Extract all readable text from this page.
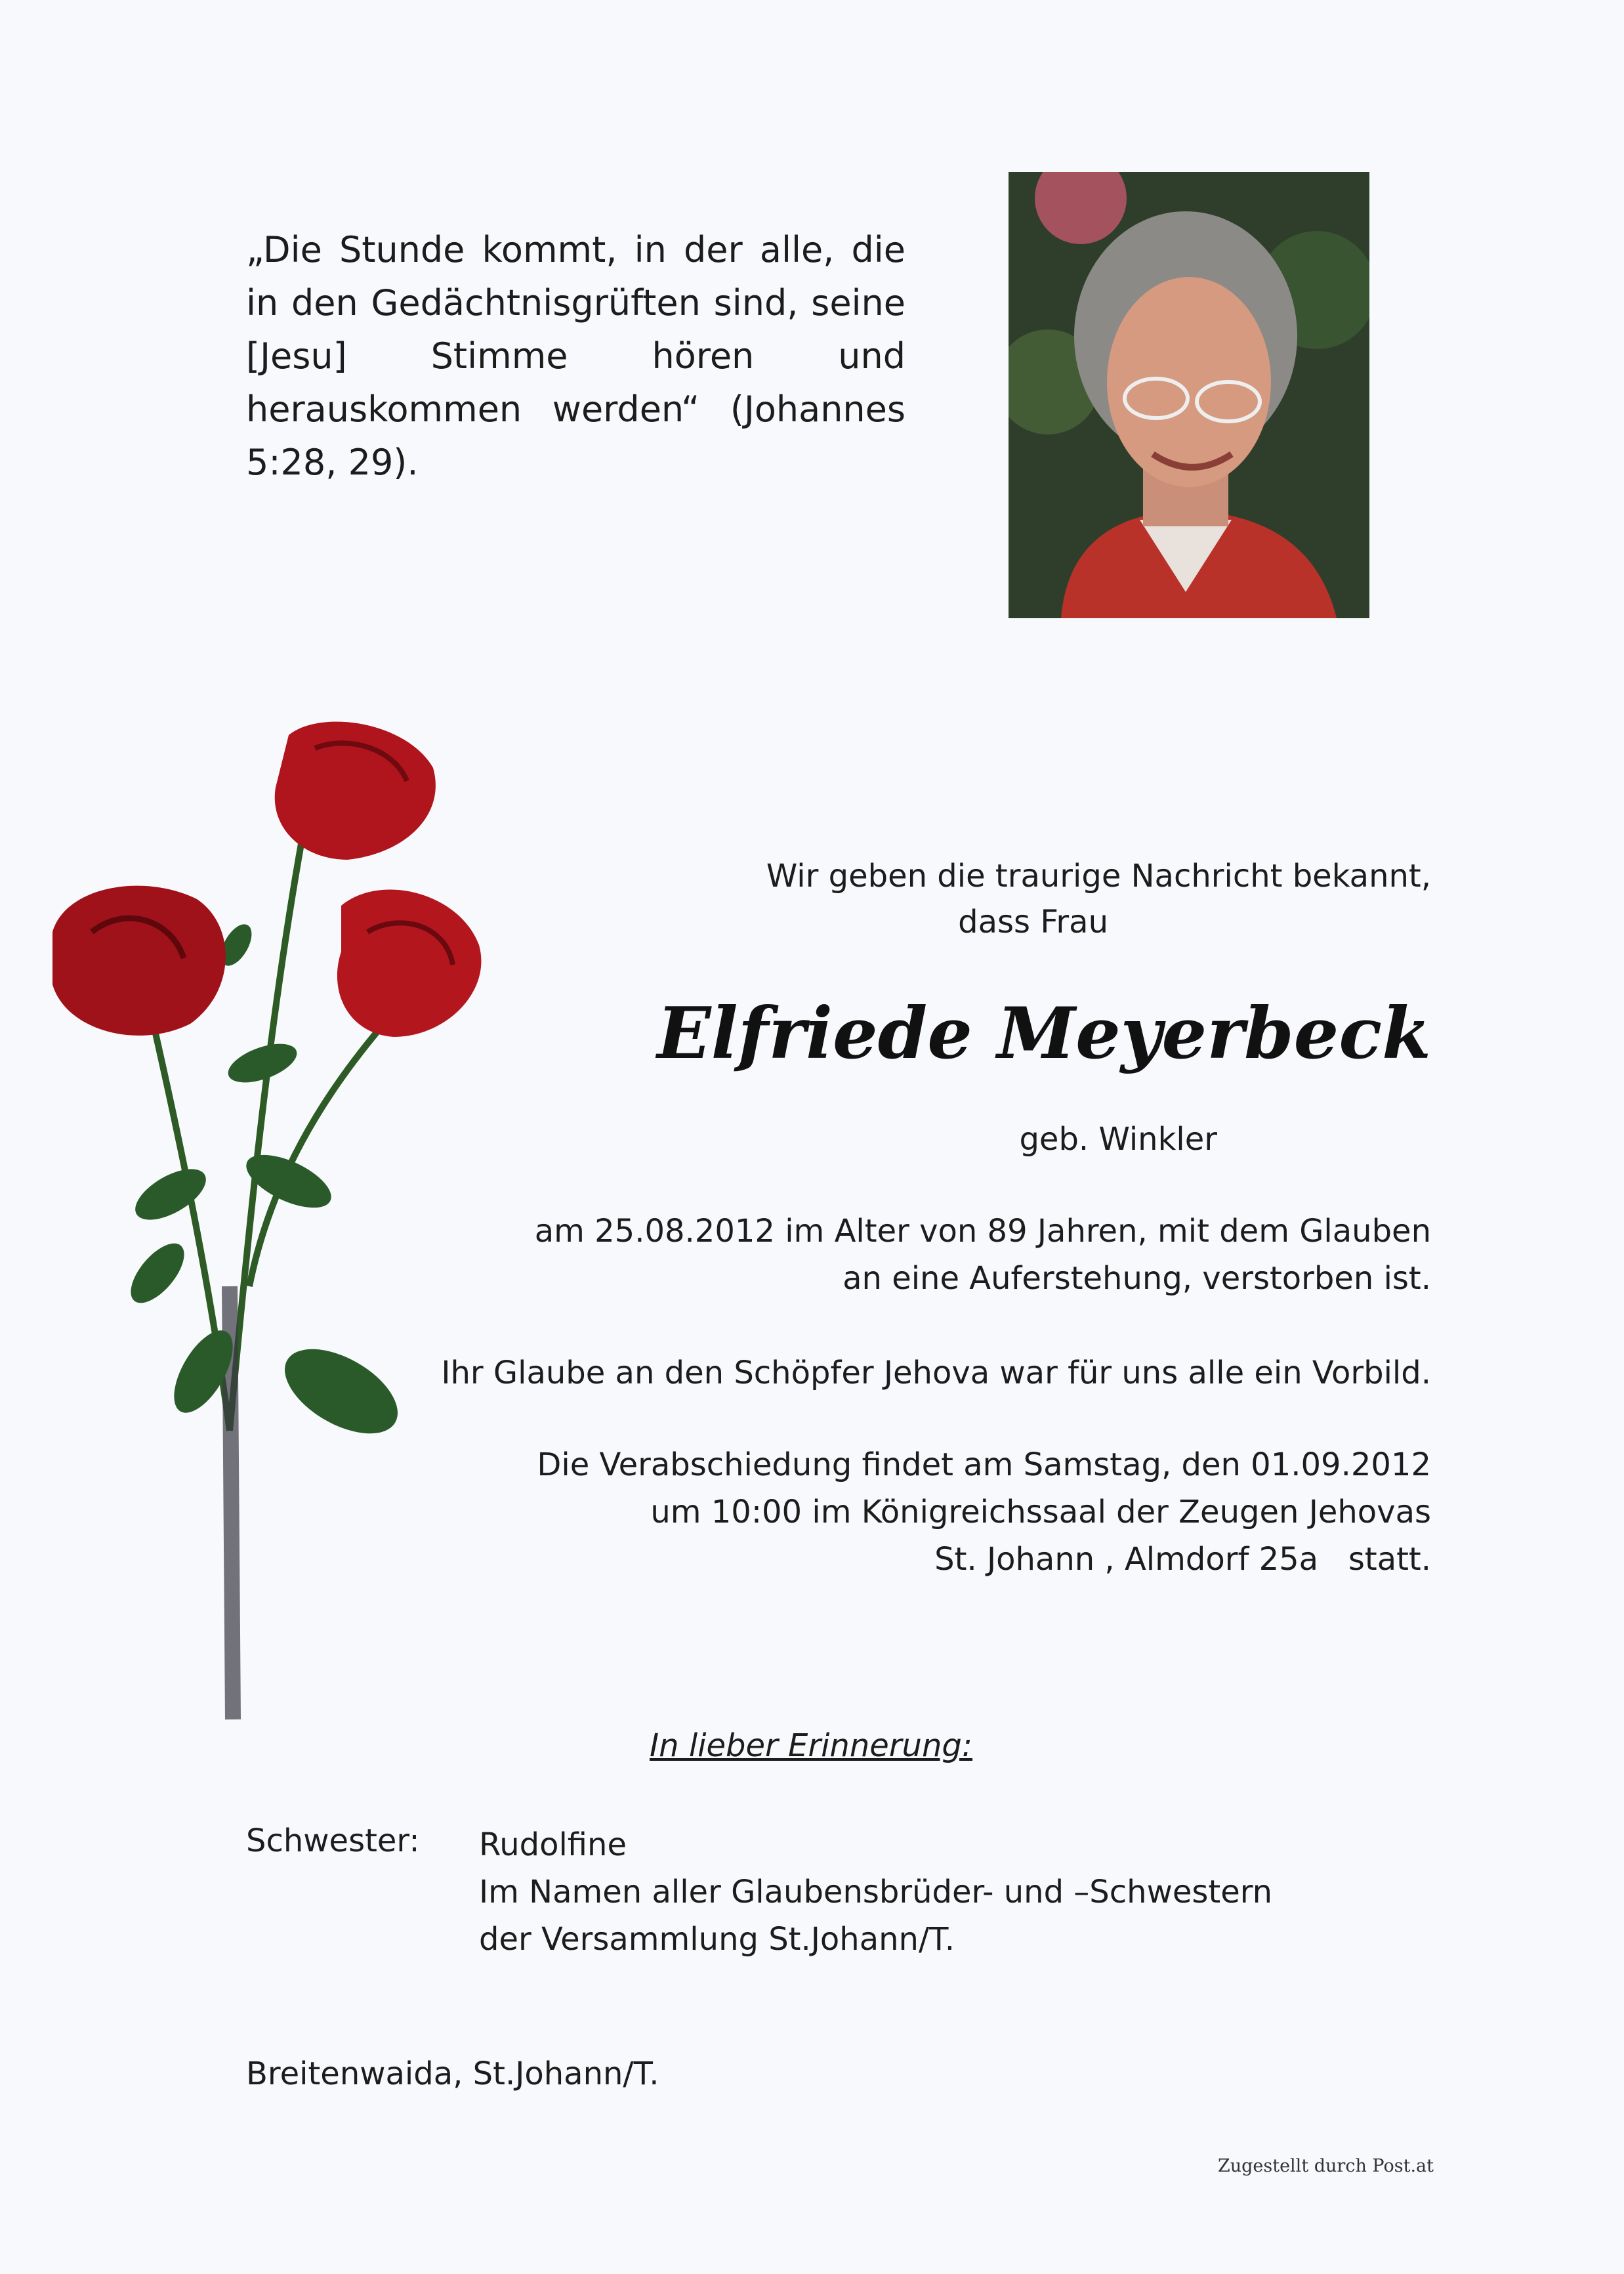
„Die Stunde kommt, in der alle, die in den Gedächtnisgrüften sind, seine [Jesu] Stimme hören und herauskommen werden“ (Johannes 5:28, 29).
Wir geben die traurige Nachricht bekannt,
dass Frau
Elfriede Meyerbeck
geb. Winkler
am 25.08.2012 im Alter von 89 Jahren, mit dem Glauben
an eine Auferstehung, verstorben ist.
Ihr Glaube an den Schöpfer Jehova war für uns alle ein Vorbild.
Die Verabschiedung findet am Samstag, den 01.09.2012
um 10:00 im Königreichssaal der Zeugen Jehovas
St. Johann , Almdorf 25a   statt.
In lieber Erinnerung:
Schwester: Rudolfine
Im Namen aller Glaubensbrüder- und –Schwestern
der Versammlung St.Johann/T.
Breitenwaida, St.Johann/T.
Zugestellt durch Post.at
